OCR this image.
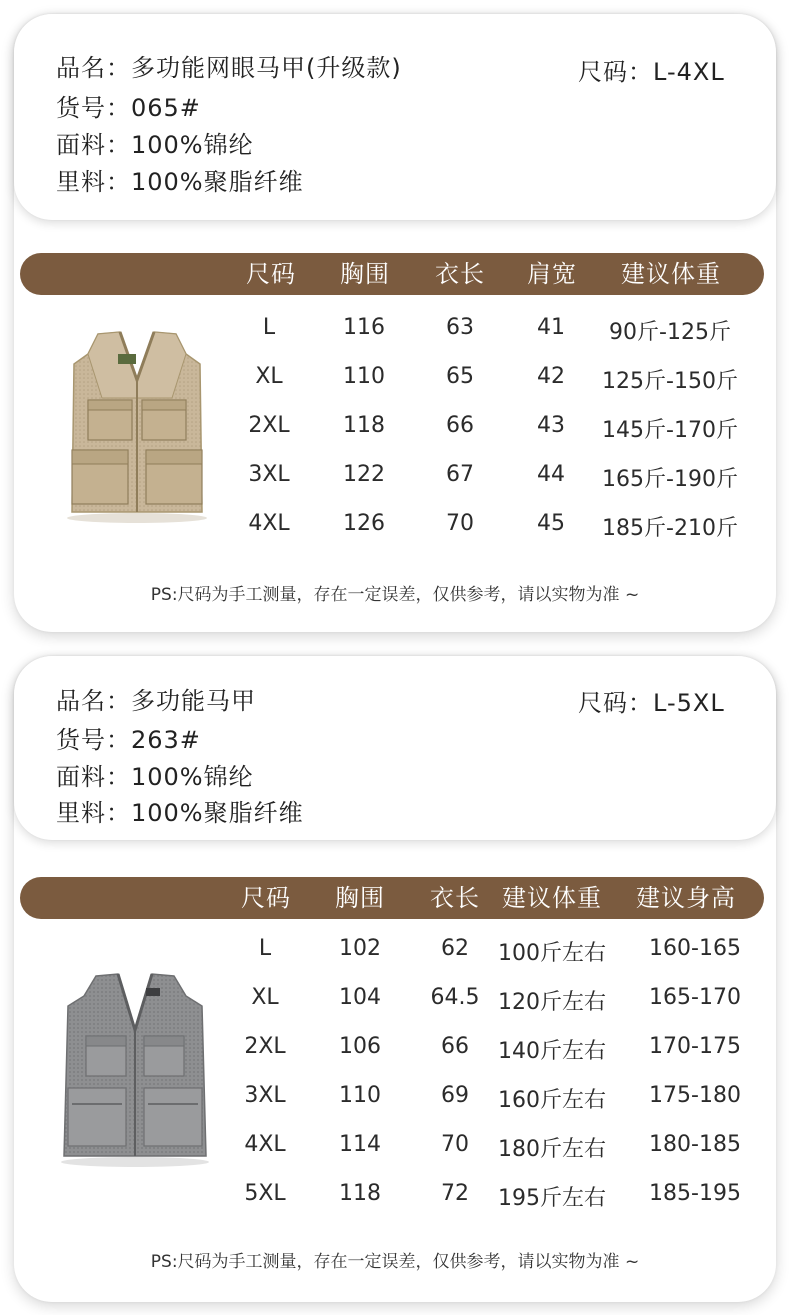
品名：多功能网眼马甲(升级款)
货号：065#
面料：100%锦纶
里料：100%聚脂纤维
尺码：L-4XL
尺码 胸围 衣长 肩宽 建议体重
L	116	63	41 90斤-125斤
XL	110	65	42 125斤-150斤
2XL 118	66	43 145斤-170斤
3XL 122	67	44 165斤-190斤
4XL 126	70	45 185斤-210斤
PS:尺码为手工测量，存在一定误差，仅供参考，请以实物为准 ~
品名：多功能马甲
货号：263#
面料：100%锦纶
里料：100%聚脂纤维
尺码：L-5XL
尺码 胸围 衣长 建议体重 建议身高
L	102	62 100斤左右 160-165
XL	104 64.5 120斤左右 165-170
2XL 106	66 140斤左右 170-175
3XL 110	69 160斤左右 175-180
4XL 114	70 180斤左右 180-185
5XL 118	72 195斤左右 185-195
PS:尺码为手工测量，存在一定误差，仅供参考，请以实物为准 ~
